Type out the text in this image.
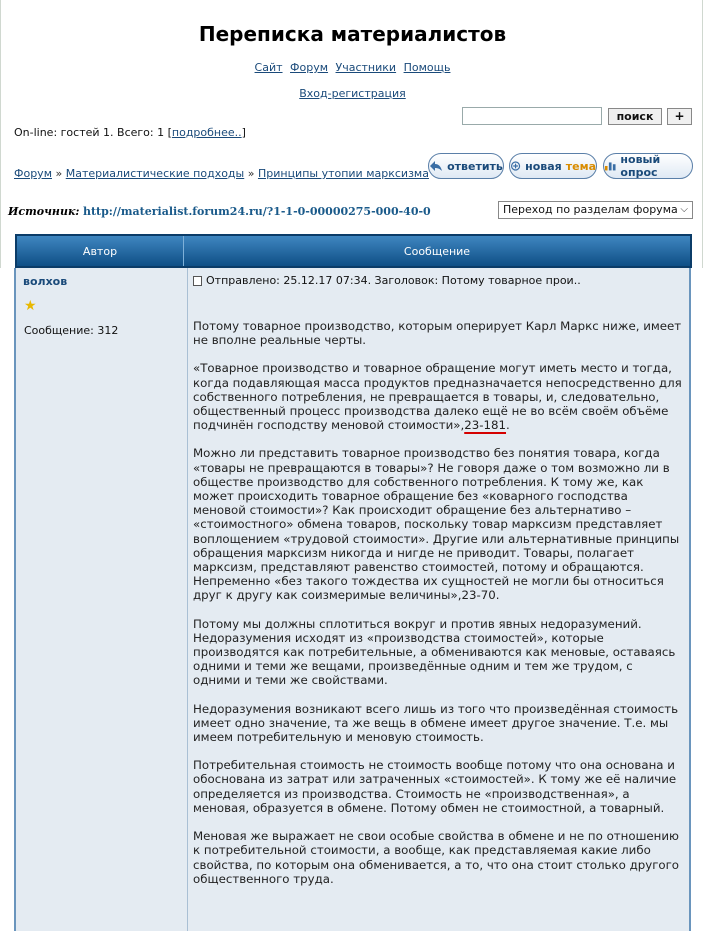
Переписка материалистов
Сайт Форум Участники Помощь
Вход-регистрация
On-line: гостей 1. Всего: 1 [подробнее..]
поиск	+
Форум » Материалистические подходы » Принципы утопии марксизма
ответить новая тема новый опрос
Источник: http://materialist.forum24.ru/?1-1-0-00000275-000-40-0	Переход по разделам форума ⌵
Автор	Сообщение
волхов
★
Сообщение: 312
Отправлено: 25.12.17 07:34. Заголовок: Потому товарное прои..

Потому товарное производство, которым оперирует Карл Маркс ниже, имеет не вполне реальные черты.

«Товарное производство и товарное обращение могут иметь место и тогда, когда подавляющая масса продуктов предназначается непосредственно для собственного потребления, не превращается в товары, и, следовательно, общественный процесс производства далеко ещё не во всём своём объёме подчинён господству меновой стоимости»,23-181.

Можно ли представить товарное производство без понятия товара, когда «товары не превращаются в товары»? Не говоря даже о том возможно ли в обществе производство для собственного потребления. К тому же, как может происходить товарное обращение без «коварного господства меновой стоимости»? Как происходит обращение без альтернативо – «стоимостного» обмена товаров, поскольку товар марксизм представляет воплощением «трудовой стоимости». Другие или альтернативные принципы обращения марксизм никогда и нигде не приводит. Товары, полагает марксизм, представляют равенство стоимостей, потому и обращаются. Непременно «без такого тождества их сущностей не могли бы относиться друг к другу как соизмеримые величины»,23-70.

Потому мы должны сплотиться вокруг и против явных недоразумений. Недоразумения исходят из «производства стоимостей», которые производятся как потребительные, а обмениваются как меновые, оставаясь одними и теми же вещами, произведённые одним и тем же трудом, с одними и теми же свойствами.

Недоразумения возникают всего лишь из того что произведённая стоимость имеет одно значение, та же вещь в обмене имеет другое значение. Т.е. мы имеем потребительную и меновую стоимость.

Потребительная стоимость не стоимость вообще потому что она основана и обоснована из затрат или затраченных «стоимостей». К тому же её наличие определяется из производства. Стоимость не «производственная», а меновая, образуется в обмене. Потому обмен не стоимостной, а товарный.

Меновая же выражает не свои особые свойства в обмене и не по отношению к потребительной стоимости, а вообще, как представляемая какие либо свойства, по которым она обменивается, а то, что она стоит столько другого общественного труда.
